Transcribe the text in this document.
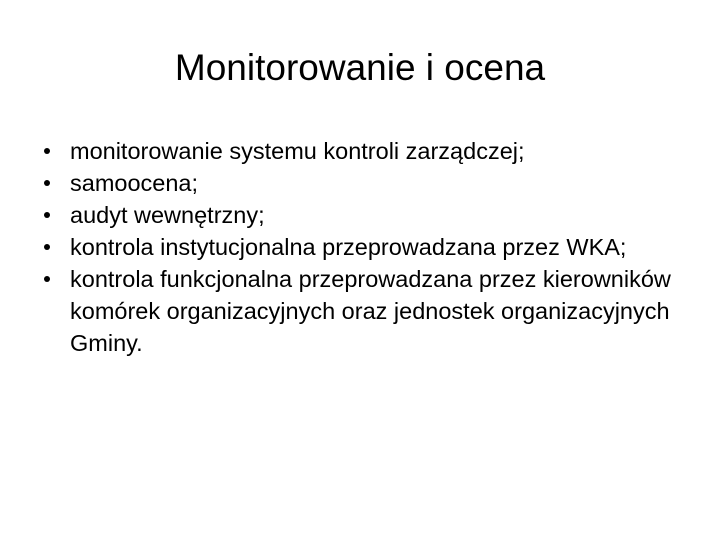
Monitorowanie i ocena
monitorowanie systemu kontroli zarządczej;
samoocena;
audyt wewnętrzny;
kontrola instytucjonalna przeprowadzana przez WKA;
kontrola funkcjonalna przeprowadzana przez kierowników komórek organizacyjnych oraz jednostek organizacyjnych Gminy.
